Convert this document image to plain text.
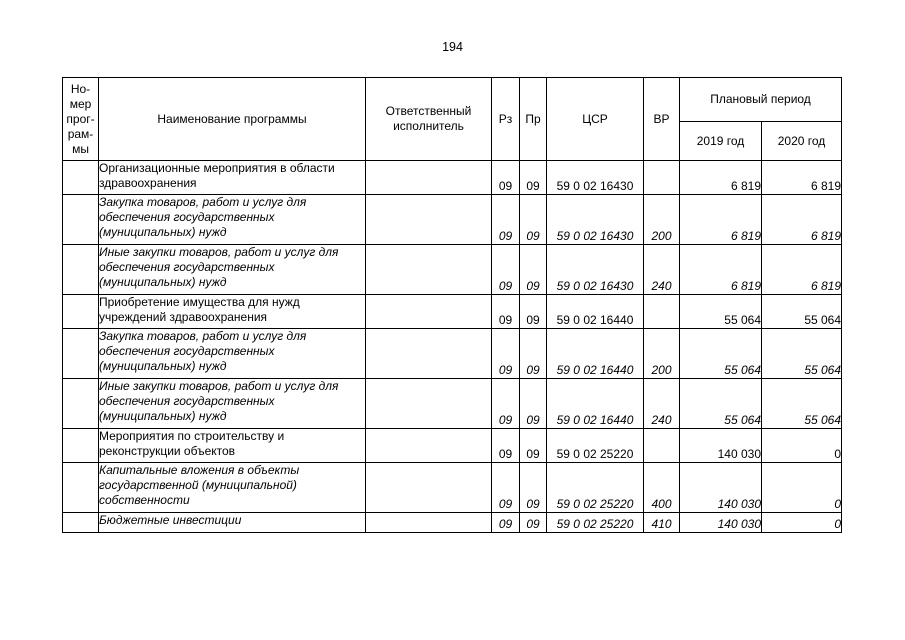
194
Но-
мер
прог-
рам-
мы	Наименование программы	Ответственный исполнитель	Рз	Пр	ЦСР	ВР	Плановый период	
							2019 год	2020 год
	Организационные мероприятия в области здравоохранения		09	09	59 0 02 16430		6 819	6 819
	Закупка товаров, работ и услуг для обеспечения государственных (муниципальных) нужд		09	09	59 0 02 16430	200	6 819	6 819
	Иные закупки товаров, работ и услуг для обеспечения государственных (муниципальных) нужд		09	09	59 0 02 16430	240	6 819	6 819
	Приобретение имущества для нужд учреждений здравоохранения		09	09	59 0 02 16440		55 064	55 064
	Закупка товаров, работ и услуг для обеспечения государственных (муниципальных) нужд		09	09	59 0 02 16440	200	55 064	55 064
	Иные закупки товаров, работ и услуг для обеспечения государственных (муниципальных) нужд		09	09	59 0 02 16440	240	55 064	55 064
	Мероприятия по строительству и реконструкции объектов		09	09	59 0 02 25220		140 030	0
	Капитальные вложения в объекты государственной (муниципальной) собственности		09	09	59 0 02 25220	400	140 030	0
	Бюджетные инвестиции		09	09	59 0 02 25220	410	140 030	0
